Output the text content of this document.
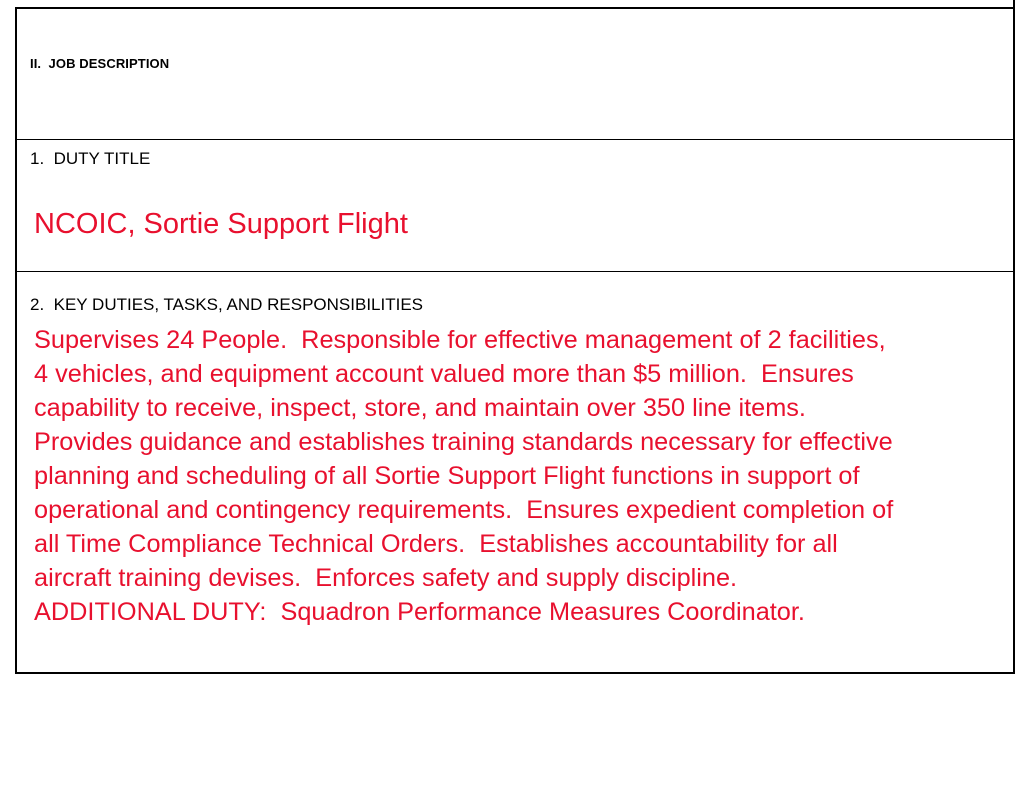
II.  JOB DESCRIPTION
1.  DUTY TITLE
NCOIC, Sortie Support Flight
2.  KEY DUTIES, TASKS, AND RESPONSIBILITIES
Supervises 24 People.  Responsible for effective management of 2 facilities,
4 vehicles, and equipment account valued more than $5 million.  Ensures
capability to receive, inspect, store, and maintain over 350 line items.
Provides guidance and establishes training standards necessary for effective
planning and scheduling of all Sortie Support Flight functions in support of
operational and contingency requirements.  Ensures expedient completion of
all Time Compliance Technical Orders.  Establishes accountability for all
aircraft training devises.  Enforces safety and supply discipline.
ADDITIONAL DUTY:  Squadron Performance Measures Coordinator.
